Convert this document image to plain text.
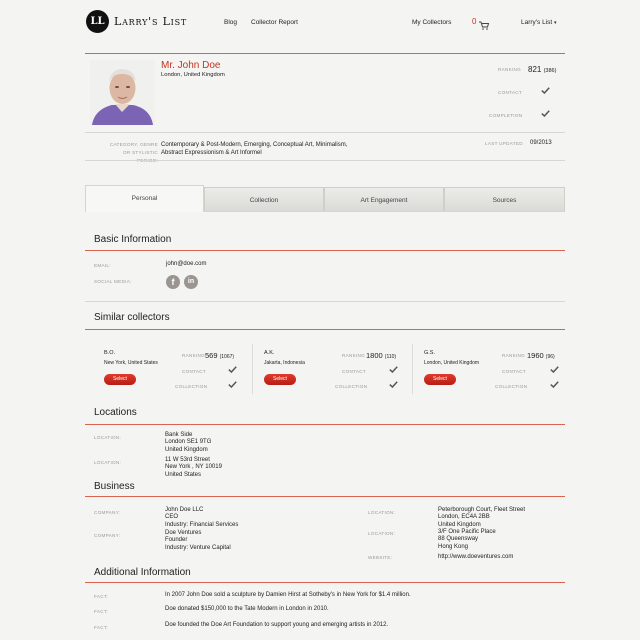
LL Larry's List	Blog Collector Report	My Collectors	0	Larry's List ▾
Mr. John Doe
London, United Kingdom
RANKING 821 (386)
CONTACT
COMPLETION
CATEGORY, GENRE OR STYLISTIC
Contemporary & Post-Modern, Emerging, Conceptual Art, Minimalism, Abstract Expressionism & Art Informel
LAST UPDATED 09/2013
Personal	Collection	Art Engagement	Sources
Basic Information
EMAIL:	john@doe.com
SOCIAL MEDIA:	f	in
Similar collectors
B.O.
New York, United States
Select
RANKING 569 (1067)
CONTACT
COLLECTION
A.K.
Jakarta, Indonesia
Select
RANKING 1800 (110)
CONTACT
COLLECTION
G.S.
London, United Kingdom
Select
RANKING 1960 (96)
CONTACT
COLLECTION
Locations
LOCATION:	Bank Side
London SE1 9TG
United Kingdom
LOCATION:	11 W 53rd Street
New York , NY 10019
United States
Business
COMPANY:	John Doe LLC
CEO
Industry: Financial Services
COMPANY:	Doe Ventures
Founder
Industry: Venture Capital
LOCATION:	Peterborough Court, Fleet Street
London, EC4A 2BB
United Kingdom
LOCATION:	3/F One Pacific Place
88 Queensway
Hong Kong
WEBSITE:	http://www.doeventures.com
Additional Information
FACT:	In 2007 John Doe sold a sculpture by Damien Hirst at Sotheby's in New York for $1.4 million.
FACT:	Doe donated $150,000 to the Tate Modern in London in 2010.
FACT:	Doe founded the Doe Art Foundation to support young and emerging artists in 2012.
